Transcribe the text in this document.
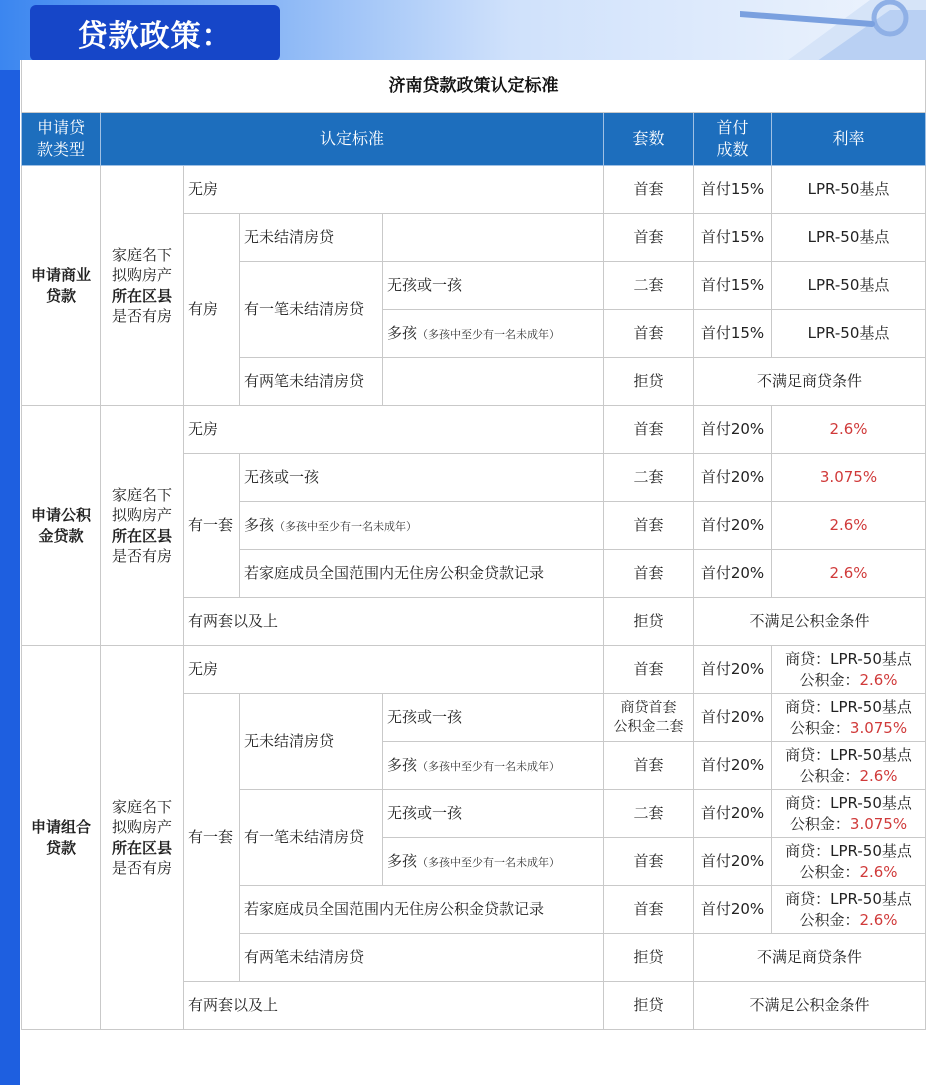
贷款政策：
济南贷款政策认定标准							
申请贷
款类型	认定标准				套数	首付
成数	利率
申请商业
贷款	家庭名下
拟购房产
所在区县
是否有房	无房			首套	首付15%	LPR-50基点
		有房	无未结清房贷		首套	首付15%	LPR-50基点
			有一笔未结清房贷	无孩或一孩	二套	首付15%	LPR-50基点
				多孩（多孩中至少有一名未成年）	首套	首付15%	LPR-50基点
			有两笔未结清房贷		拒贷	不满足商贷条件	
申请公积
金贷款	家庭名下
拟购房产
所在区县
是否有房	无房			首套	首付20%	2.6%
		有一套	无孩或一孩		二套	首付20%	3.075%
			多孩（多孩中至少有一名未成年）		首套	首付20%	2.6%
			若家庭成员全国范围内无住房公积金贷款记录		首套	首付20%	2.6%
		有两套以及上			拒贷	不满足公积金条件	
申请组合
贷款	家庭名下
拟购房产
所在区县
是否有房	无房			首套	首付20%	商贷：LPR-50基点
公积金：2.6%
		有一套	无未结清房贷	无孩或一孩	商贷首套
公积金二套	首付20%	商贷：LPR-50基点
公积金：3.075%
				多孩（多孩中至少有一名未成年）	首套	首付20%	商贷：LPR-50基点
公积金：2.6%
			有一笔未结清房贷	无孩或一孩	二套	首付20%	商贷：LPR-50基点
公积金：3.075%
				多孩（多孩中至少有一名未成年）	首套	首付20%	商贷：LPR-50基点
公积金：2.6%
			若家庭成员全国范围内无住房公积金贷款记录		首套	首付20%	商贷：LPR-50基点
公积金：2.6%
			有两笔未结清房贷		拒贷	不满足商贷条件	
		有两套以及上			拒贷	不满足公积金条件	
